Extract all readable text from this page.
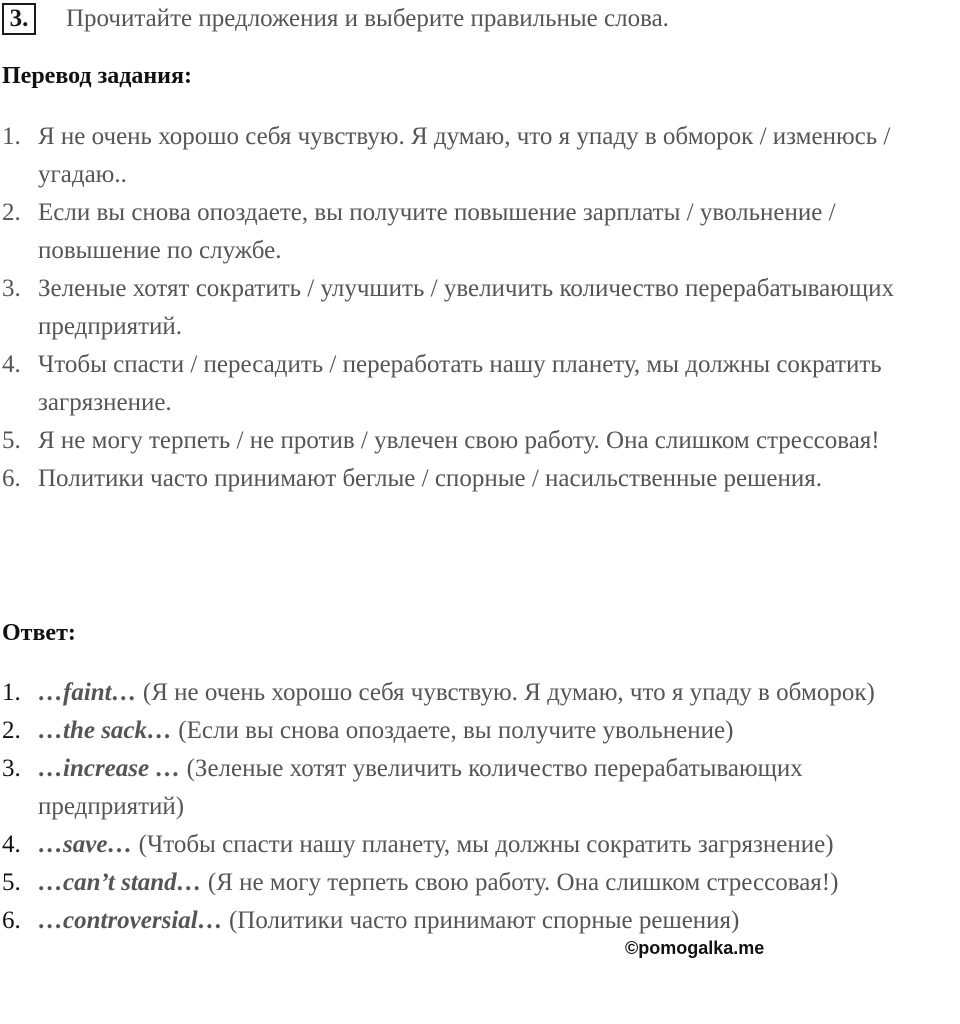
3.	Прочитайте предложения и выберите правильные слова.
Перевод задания:
1. Я не очень хорошо себя чувствую. Я думаю, что я упаду в обморок / изменюсь / угадаю..
2. Если вы снова опоздаете, вы получите повышение зарплаты / увольнение / повышение по службе.
3. Зеленые хотят сократить / улучшить / увеличить количество перерабатывающих предприятий.
4. Чтобы спасти / пересадить / переработать нашу планету, мы должны сократить загрязнение.
5. Я не могу терпеть / не против / увлечен свою работу. Она слишком стрессовая!
6. Политики часто принимают беглые / спорные / насильственные решения.
Ответ:
1. …faint… (Я не очень хорошо себя чувствую. Я думаю, что я упаду в обморок)
2. …the sack… (Если вы снова опоздаете, вы получите увольнение)
3. …increase … (Зеленые хотят увеличить количество перерабатывающих предприятий)
4. …save… (Чтобы спасти нашу планету, мы должны сократить загрязнение)
5. …can’t stand… (Я не могу терпеть свою работу. Она слишком стрессовая!)
6. …controversial… (Политики часто принимают спорные решения)
©pomogalka.me
